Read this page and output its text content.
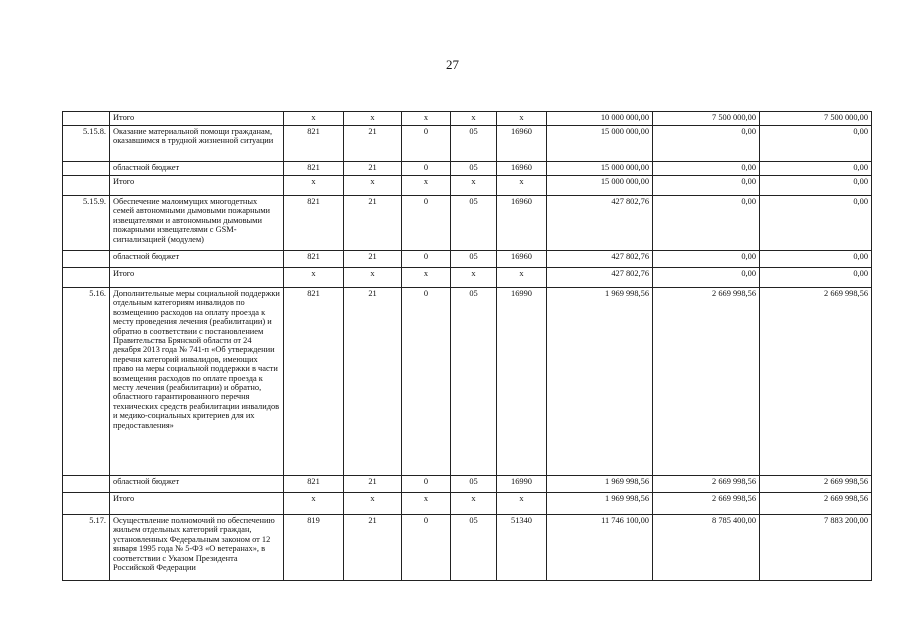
27
	Итого	х	х	х	х	х	10 000 000,00	7 500 000,00	7 500 000,00
5.15.8.	Оказание материальной помощи гражданам, оказавшимся в трудной жизненной ситуации	821	21	0	05	16960	15 000 000,00	0,00	0,00
	областной бюджет	821	21	0	05	16960	15 000 000,00	0,00	0,00
	Итого	х	х	х	х	х	15 000 000,00	0,00	0,00
5.15.9.	Обеспечение малоимущих многодетных семей автономными дымовыми пожарными извещателями и автономными дымовыми пожарными извещателями с GSM-сигнализацией (модулем)	821	21	0	05	16960	427 802,76	0,00	0,00
	областной бюджет	821	21	0	05	16960	427 802,76	0,00	0,00
	Итого	х	х	х	х	х	427 802,76	0,00	0,00
5.16.	Дополнительные меры социальной поддержки отдельным категориям инвалидов по возмещению расходов на оплату проезда к месту проведения лечения (реабилитации) и обратно в соответствии с постановлением Правительства Брянской области от 24 декабря 2013 года № 741-п «Об утверждении перечня категорий инвалидов, имеющих право на меры социальной поддержки в части возмещения расходов по оплате проезда к месту лечения (реабилитации) и обратно, областного гарантированного перечня технических средств реабилитации инвалидов и медико-социальных критериев для их предоставления»	821	21	0	05	16990	1 969 998,56	2 669 998,56	2 669 998,56
	областной бюджет	821	21	0	05	16990	1 969 998,56	2 669 998,56	2 669 998,56
	Итого	х	х	х	х	х	1 969 998,56	2 669 998,56	2 669 998,56
5.17.	Осуществление полномочий по обеспечению жильем отдельных категорий граждан, установленных Федеральным законом от 12 января 1995 года № 5-ФЗ «О ветеранах», в соответствии с Указом Президента Российской Федерации	819	21	0	05	51340	11 746 100,00	8 785 400,00	7 883 200,00
